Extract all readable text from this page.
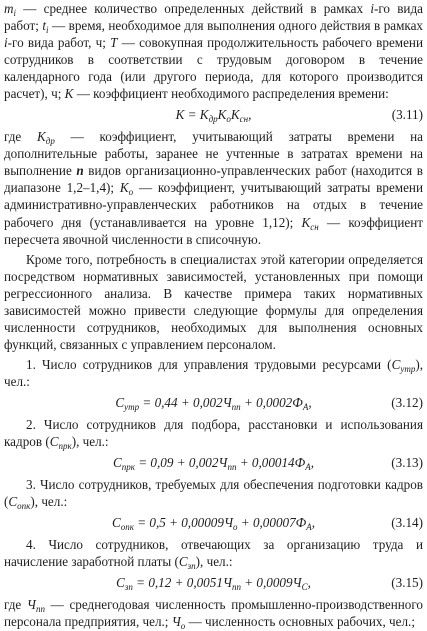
$m_i$ — среднее количество определенных действий в рамках i-го вида работ; $t_i$ — время, необходимое для выполнения одного действия в рамках i-го вида работ, ч; T — совокупная продолжительность рабочего времени сотрудников в соответствии с трудовым договором в течение календарного года (или другого периода, для которого производится расчет), ч; K — коэффициент необходимого распределения времени:

$K = K_{др}K_oK_{сн}$,	(3.11)

где $K_{др}$ — коэффициент, учитывающий затраты времени на дополнительные работы, заранее не учтенные в затратах времени на выполнение n видов организационно-управленческих работ (находится в диапазоне 1,2–1,4); $K_o$ — коэффициент, учитывающий затраты времени административно-управленческих работников на отдых в течение рабочего дня (устанавливается на уровне 1,12); $K_{сн}$ — коэффициент пересчета явочной численности в списочную.

Кроме того, потребность в специалистах этой категории определяется посредством нормативных зависимостей, установленных при помощи регрессионного анализа. В качестве примера таких нормативных зависимостей можно привести следующие формулы для определения численности сотрудников, необходимых для выполнения основных функций, связанных с управлением персоналом.

1. Число сотрудников для управления трудовыми ресурсами $(C_{утр})$, чел.:

$C_{утр} = 0,44 + 0,002Ч_{пп} + 0,0002Ф_А$,	(3.12)

2. Число сотрудников для подбора, расстановки и использования кадров $(C_{прк})$, чел.:

$C_{прк} = 0,09 + 0,002Ч_{пп} + 0,00014Ф_А$,	(3.13)

3. Число сотрудников, требуемых для обеспечения подготовки кадров $(C_{опк})$, чел.:

$C_{опк} = 0,5 + 0,00009Ч_о + 0,00007Ф_А$,	(3.14)

4. Число сотрудников, отвечающих за организацию труда и начисление заработной платы $(C_{зп})$, чел.:

$C_{зп} = 0,12 + 0,0051Ч_{пп} + 0,0009Ч_С$,	(3.15)

где $Ч_{пп}$ — среднегодовая численность промышленно-производственного персонала предприятия, чел.; $Ч_о$ — численность основных рабочих, чел.;
